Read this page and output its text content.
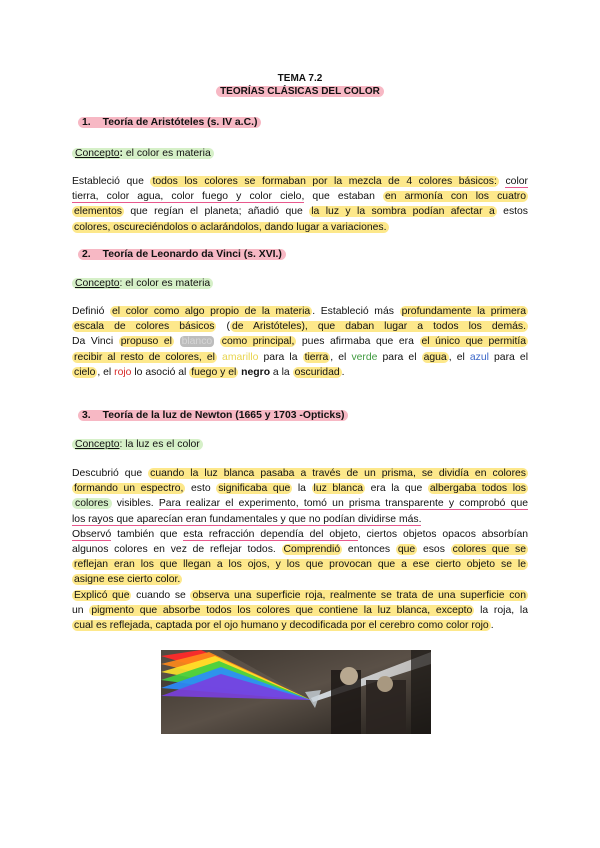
TEMA 7.2
TEORÍAS CLÁSICAS DEL COLOR
1. Teoría de Aristóteles (s. IV a.C.)
Concepto: el color es materia
Estableció que todos los colores se formaban por la mezcla de 4 colores básicos: color
tierra, color agua, color fuego y color cielo, que estaban en armonía con los cuatro
elementos que regían el planeta; añadió que la luz y la sombra podían afectar a estos
colores, oscureciéndolos o aclarándolos, dando lugar a variaciones.
2. Teoría de Leonardo da Vinci (s. XVI.)
Concepto: el color es materia
Definió el color como algo propio de la materia . Estableció más profundamente la primera
escala de colores básicos ( de Aristóteles), que daban lugar a todos los demás.
Da Vinci propuso el blanco como principal, pues afirmaba que era el único que permitía
recibir al resto de colores, el amarillo para la tierra , el verde para el agua , el azul para el
cielo , el rojo lo asoció al fuego y el negro a la oscuridad .
3. Teoría de la luz de Newton (1665 y 1703 -Opticks)
Concepto: la luz es el color
Descubrió que cuando la luz blanca pasaba a través de un prisma, se dividía en colores
formando un espectro, esto significaba que la luz blanca era la que albergaba todos los
colores visibles. Para realizar el experimento, tomó un prisma transparente y comprobó que
los rayos que aparecían eran fundamentales y que no podían dividirse más.
Observó también que esta refracción dependía del objeto, ciertos objetos opacos absorbían
algunos colores en vez de reflejar todos. Comprendió entonces que esos colores que se
reflejan eran los que llegan a los ojos, y los que provocan que a ese cierto objeto se le
asigne ese cierto color.
Explicó que cuando se observa una superficie roja, realmente se trata de una superficie con
un pigmento que absorbe todos los colores que contiene la luz blanca, excepto la roja, la
cual es reflejada, captada por el ojo humano y decodificada por el cerebro como color rojo .
